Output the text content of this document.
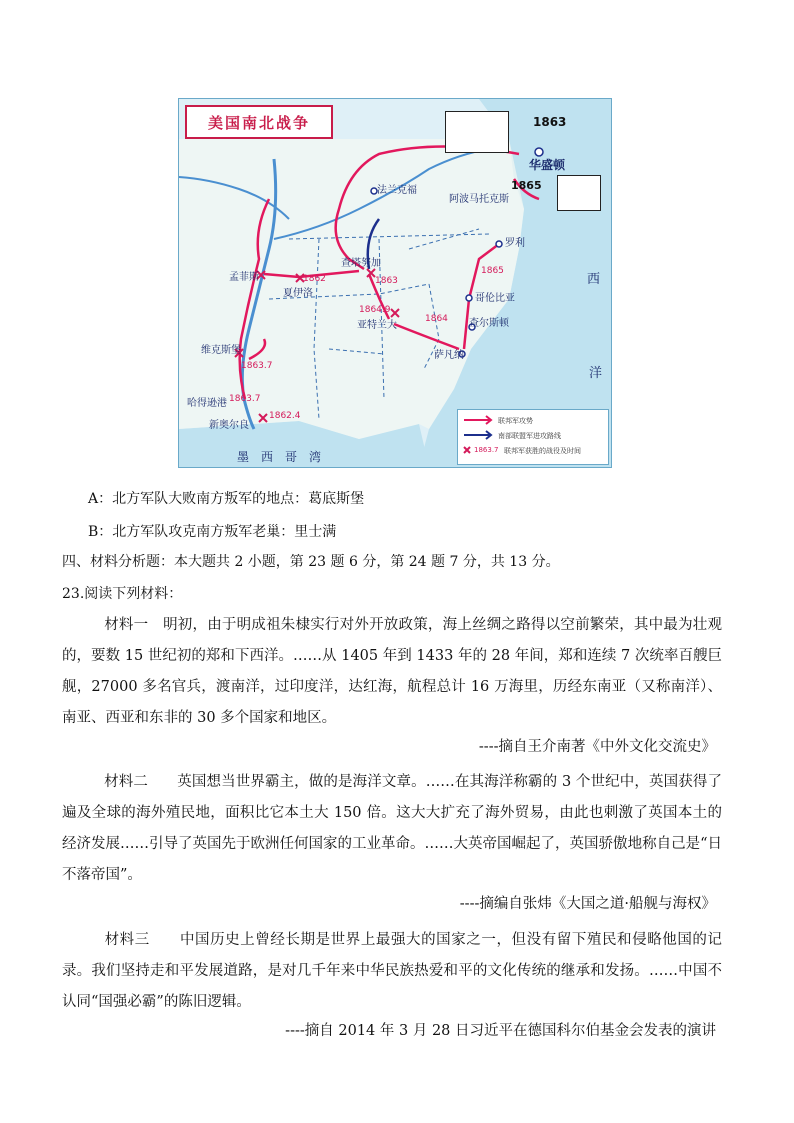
美国南北战争	1863
华盛顿
1865
阿波马托克斯
法兰克福
查塔努加
孟菲斯
夏伊洛
亚特兰大
哥伦比亚
查尔斯顿
罗利
萨凡纳
维克斯堡
哈得逊港
新奥尔良
西
洋
墨　西　哥　湾
1862	1863
1864.9
1864
1865
1863.7
1863.7
1862.4	联邦军攻势
南部联盟军进攻路线
1863.7 联邦军获胜的战役及时间
A：北方军队大败南方叛军的地点：葛底斯堡
B：北方军队攻克南方叛军老巢：里士满
四、材料分析题：本大题共 2 小题，第 23 题 6 分，第 24 题 7 分，共 13 分。
23.阅读下列材料：
材料一　明初，由于明成祖朱棣实行对外开放政策，海上丝绸之路得以空前繁荣，其中最为壮观的，要数 15 世纪初的郑和下西洋。……从 1405 年到 1433 年的 28 年间，郑和连续 7 次统率百艘巨舰，27000 多名官兵，渡南洋，过印度洋，达红海，航程总计 16 万海里，历经东南亚（又称南洋）、南亚、西亚和东非的 30 多个国家和地区。
----摘自王介南著《中外文化交流史》
材料二　　英国想当世界霸主，做的是海洋文章。……在其海洋称霸的 3 个世纪中，英国获得了遍及全球的海外殖民地，面积比它本土大 150 倍。这大大扩充了海外贸易，由此也刺激了英国本土的经济发展……引导了英国先于欧洲任何国家的工业革命。……大英帝国崛起了，英国骄傲地称自己是“日不落帝国”。
----摘编自张炜《大国之道·船舰与海权》
材料三　　中国历史上曾经长期是世界上最强大的国家之一，但没有留下殖民和侵略他国的记录。我们坚持走和平发展道路，是对几千年来中华民族热爱和平的文化传统的继承和发扬。……中国不认同“国强必霸”的陈旧逻辑。
----摘自 2014 年 3 月 28 日习近平在德国科尔伯基金会发表的演讲
